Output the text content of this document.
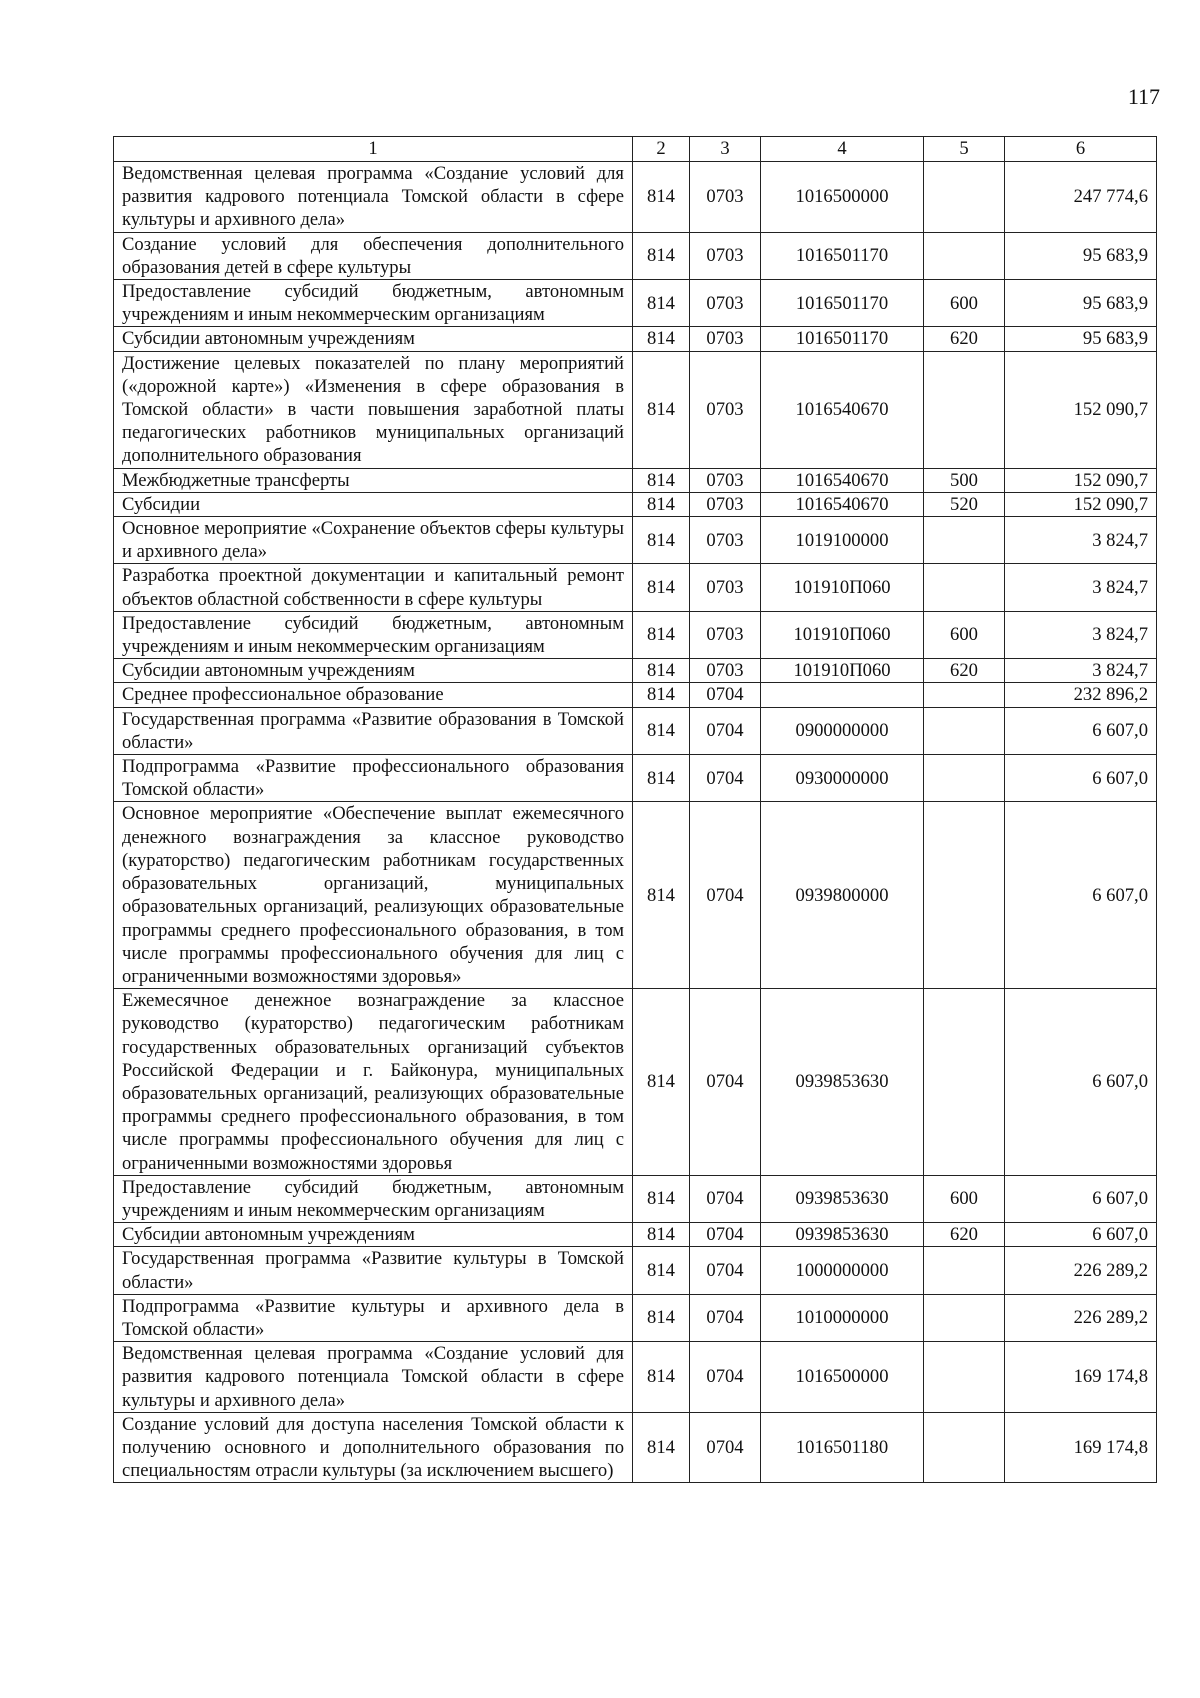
117
1	2	3	4	5	6
Ведомственная целевая программа «Создание условий для развития кадрового потенциала Томской области в сфере культуры и архивного дела»	814	0703	1016500000		247 774,6
Создание условий для обеспечения дополнительного образования детей в сфере культуры	814	0703	1016501170		95 683,9
Предоставление субсидий бюджетным, автономным учреждениям и иным некоммерческим организациям	814	0703	1016501170	600	95 683,9
Субсидии автономным учреждениям	814	0703	1016501170	620	95 683,9
Достижение целевых показателей по плану мероприятий («дорожной карте») «Изменения в сфере образования в Томской области» в части повышения заработной платы педагогических работников муниципальных организаций дополнительного образования	814	0703	1016540670		152 090,7
Межбюджетные трансферты	814	0703	1016540670	500	152 090,7
Субсидии	814	0703	1016540670	520	152 090,7
Основное мероприятие «Сохранение объектов сферы культуры и архивного дела»	814	0703	1019100000		3 824,7
Разработка проектной документации и капитальный ремонт объектов областной собственности в сфере культуры	814	0703	101910П060		3 824,7
Предоставление субсидий бюджетным, автономным учреждениям и иным некоммерческим организациям	814	0703	101910П060	600	3 824,7
Субсидии автономным учреждениям	814	0703	101910П060	620	3 824,7
Среднее профессиональное образование	814	0704			232 896,2
Государственная программа «Развитие образования в Томской области»	814	0704	0900000000		6 607,0
Подпрограмма «Развитие профессионального образования Томской области»	814	0704	0930000000		6 607,0
Основное мероприятие «Обеспечение выплат ежемесячного денежного вознаграждения за классное руководство (кураторство) педагогическим работникам государственных образовательных организаций, муниципальных образовательных организаций, реализующих образовательные программы среднего профессионального образования, в том числе программы профессионального обучения для лиц с ограниченными возможностями здоровья»	814	0704	0939800000		6 607,0
Ежемесячное денежное вознаграждение за классное руководство (кураторство) педагогическим работникам государственных образовательных организаций субъектов Российской Федерации и г. Байконура, муниципальных образовательных организаций, реализующих образовательные программы среднего профессионального образования, в том числе программы профессионального обучения для лиц с ограниченными возможностями здоровья	814	0704	0939853630		6 607,0
Предоставление субсидий бюджетным, автономным учреждениям и иным некоммерческим организациям	814	0704	0939853630	600	6 607,0
Субсидии автономным учреждениям	814	0704	0939853630	620	6 607,0
Государственная программа «Развитие культуры в Томской области»	814	0704	1000000000		226 289,2
Подпрограмма «Развитие культуры и архивного дела в Томской области»	814	0704	1010000000		226 289,2
Ведомственная целевая программа «Создание условий для развития кадрового потенциала Томской области в сфере культуры и архивного дела»	814	0704	1016500000		169 174,8
Создание условий для доступа населения Томской области к получению основного и дополнительного образования по специальностям отрасли культуры (за исключением высшего)	814	0704	1016501180		169 174,8
